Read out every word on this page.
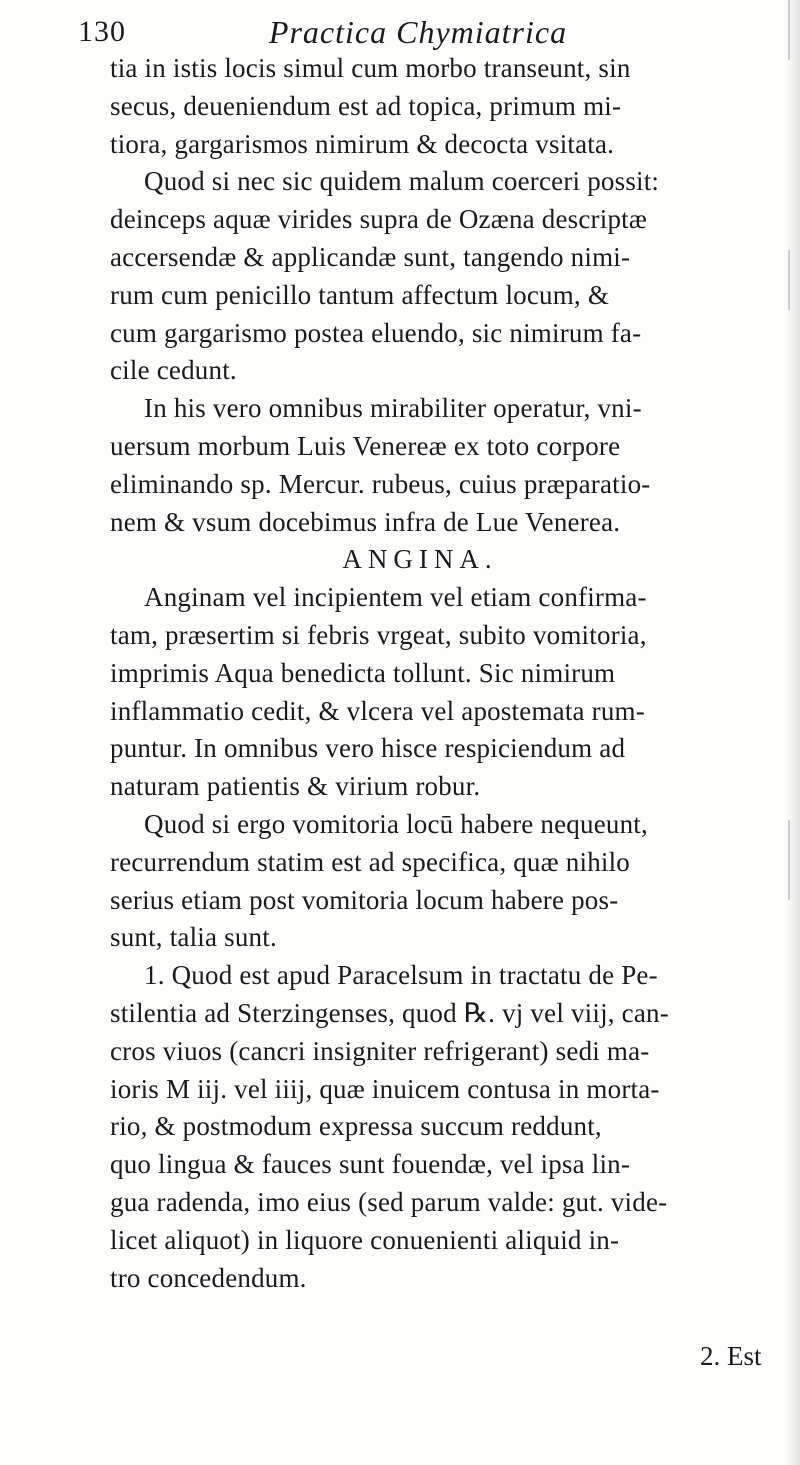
130	Practica Chymiatrica
tia in istis locis simul cum morbo transeunt, sin
secus, deueniendum est ad topica, primum mi-
tiora, gargarismos nimirum & decocta vsitata.
Quod si nec sic quidem malum coerceri possit:
deinceps aquæ virides supra de Ozæna descriptæ
accersendæ & applicandæ sunt, tangendo nimi-
rum cum penicillo tantum affectum locum, &
cum gargarismo postea eluendo, sic nimirum fa-
cile cedunt.
In his vero omnibus mirabiliter operatur, vni-
uersum morbum Luis Venereæ ex toto corpore
eliminando sp. Mercur. rubeus, cuius præparatio-
nem & vsum docebimus infra de Lue Venerea.
ANGINA.
Anginam vel incipientem vel etiam confirma-
tam, præsertim si febris vrgeat, subito vomitoria,
imprimis Aqua benedicta tollunt. Sic nimirum
inflammatio cedit, & vlcera vel apostemata rum-
puntur. In omnibus vero hisce respiciendum ad
naturam patientis & virium robur.
Quod si ergo vomitoria locū habere nequeunt,
recurrendum statim est ad specifica, quæ nihilo
serius etiam post vomitoria locum habere pos-
sunt, talia sunt.
1. Quod est apud Paracelsum in tractatu de Pe-
stilentia ad Sterzingenses, quod ℞. vj vel viij, can-
cros viuos (cancri insigniter refrigerant) sedi ma-
ioris M iij. vel iiij, quæ inuicem contusa in morta-
rio, & postmodum expressa succum reddunt,
quo lingua & fauces sunt fouendæ, vel ipsa lin-
gua radenda, imo eius (sed parum valde: gut. vide-
licet aliquot) in liquore conuenienti aliquid in-
tro concedendum.
2. Est
